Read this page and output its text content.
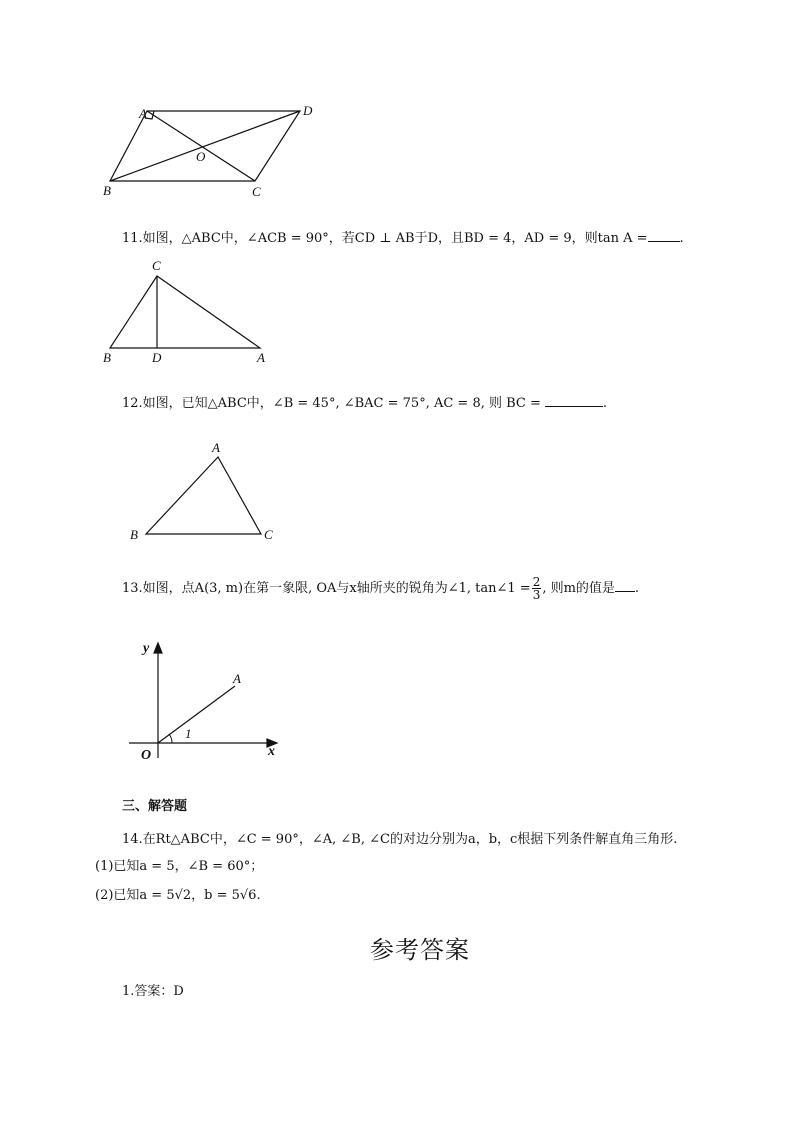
A	D
O
B	C
11.如图，△ABC中，∠ACB = 90°，若CD ⊥ AB于D，且BD = 4，AD = 9，则tan A = .
C
B	D	A
12.如图，已知△ABC中，∠B = 45°, ∠BAC = 75°, AC = 8, 则 BC =	.
A
B	C
13.如图，点A(3, m)在第一象限, OA与x轴所夹的锐角为∠1, tan∠1 = $\frac{2}{3}$ , 则m的值是 .
y
x
O
A
1
三、解答题
14.在Rt△ABC中，∠C = 90°，∠A, ∠B, ∠C的对边分别为a，b，c根据下列条件解直角三角形.
(1)已知a = 5，∠B = 60°；
(2)已知a = 5√2，b = 5√6.
参考答案
1.答案：D
